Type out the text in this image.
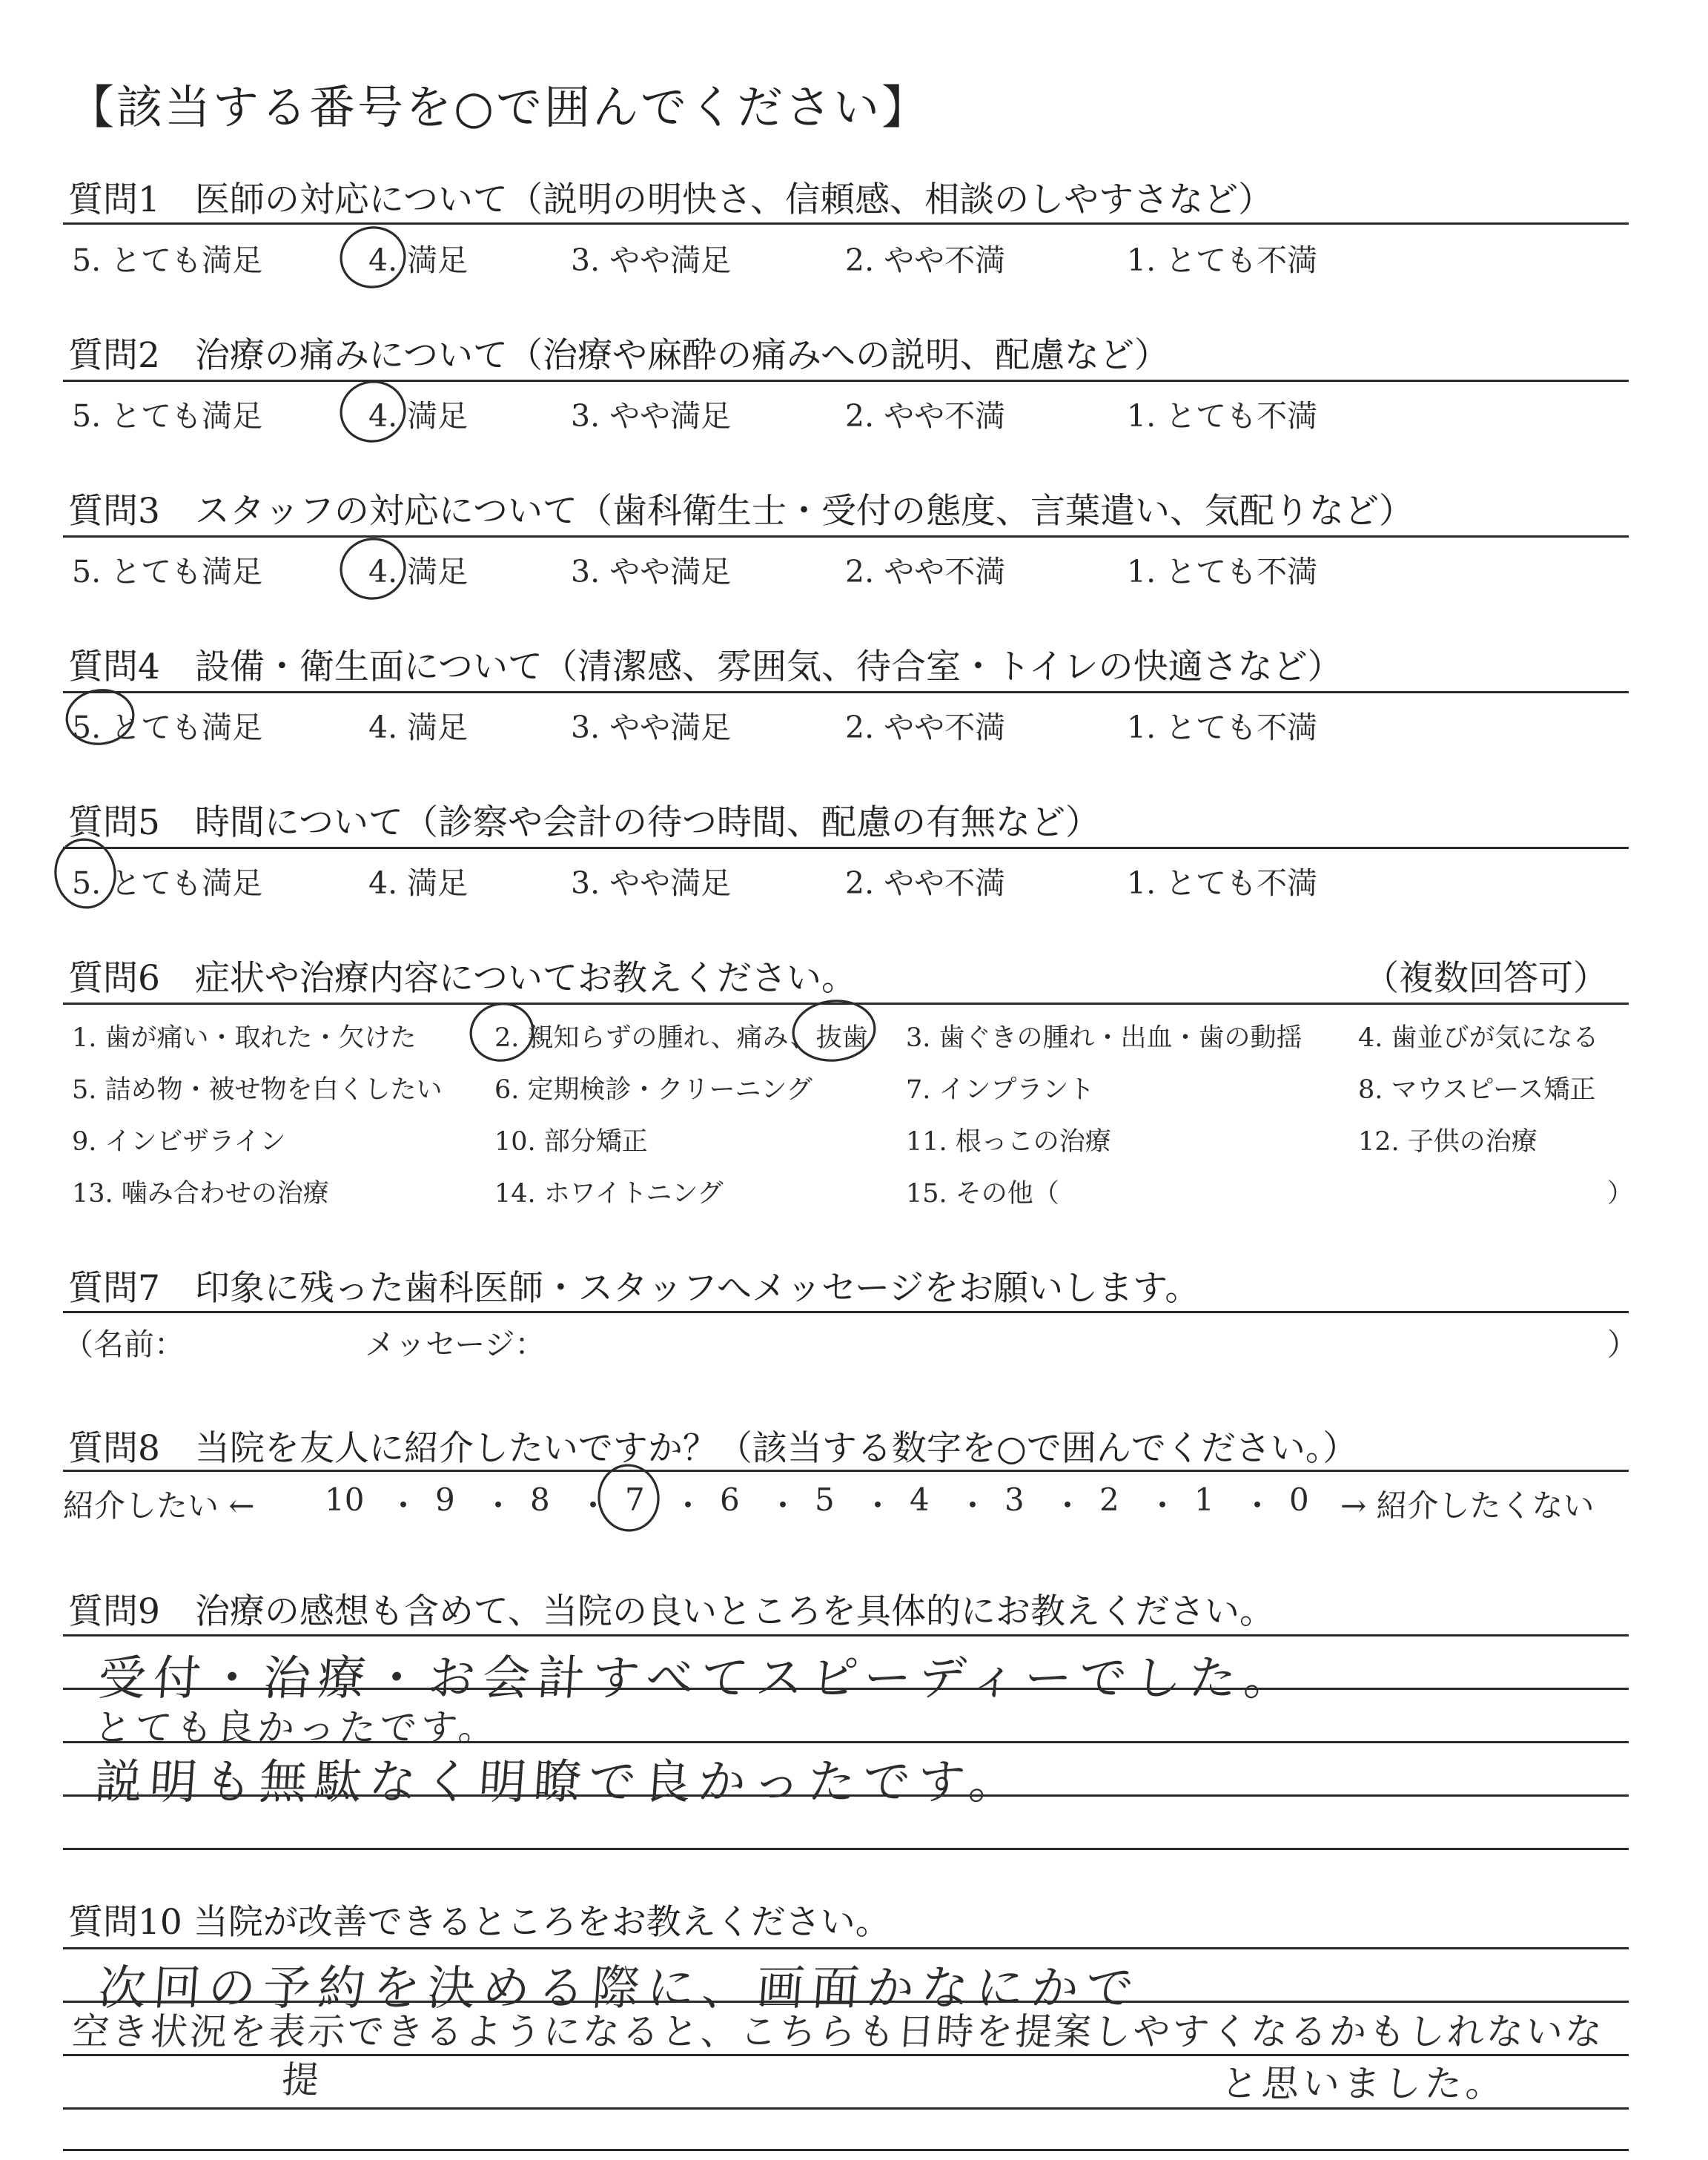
【該当する番号を○で囲んでください】
質問1　医師の対応について（説明の明快さ、信頼感、相談のしやすさなど）
5. とても満足	4. 満足	3. やや満足	2. やや不満	1. とても不満
質問2　治療の痛みについて（治療や麻酔の痛みへの説明、配慮など）
5. とても満足	4. 満足	3. やや満足	2. やや不満	1. とても不満
質問3　スタッフの対応について（歯科衛生士・受付の態度、言葉遣い、気配りなど）
5. とても満足	4. 満足	3. やや満足	2. やや不満	1. とても不満
質問4　設備・衛生面について（清潔感、雰囲気、待合室・トイレの快適さなど）
5. とても満足	4. 満足	3. やや満足	2. やや不満	1. とても不満
質問5　時間について（診察や会計の待つ時間、配慮の有無など）
5. とても満足	4. 満足	3. やや満足	2. やや不満	1. とても不満
質問6　症状や治療内容についてお教えください。	（複数回答可）
1. 歯が痛い・取れた・欠けた	2. 親知らずの腫れ、痛み、抜歯 3. 歯ぐきの腫れ・出血・歯の動揺 4. 歯並びが気になる
5. 詰め物・被せ物を白くしたい 6. 定期検診・クリーニング	7. インプラント	8. マウスピース矯正
9. インビザライン	10. 部分矯正	11. 根っこの治療	12. 子供の治療
13. 噛み合わせの治療	14. ホワイトニング	15. その他（	）
質問7　印象に残った歯科医師・スタッフへメッセージをお願いします。
（名前：	メッセージ：	）
質問8　当院を友人に紹介したいですか？（該当する数字を○で囲んでください。）
紹介したい ← 10 ・ 9 ・ 8 ・ 7 ・ 6 ・ 5 ・ 4 ・ 3 ・ 2 ・ 1 ・ 0 → 紹介したくない
質問9　治療の感想も含めて、当院の良いところを具体的にお教えください。
受付・治療・お会計すべてスピーディーでした。
とても良かったです。
説明も無駄なく明瞭で良かったです。
質問10 当院が改善できるところをお教えください。
次回の予約を決める際に、画面かなにかで
空き状況を表示できるようになると、こちらも日時を提案しやすくなるかもしれないな
提	と思いました。
